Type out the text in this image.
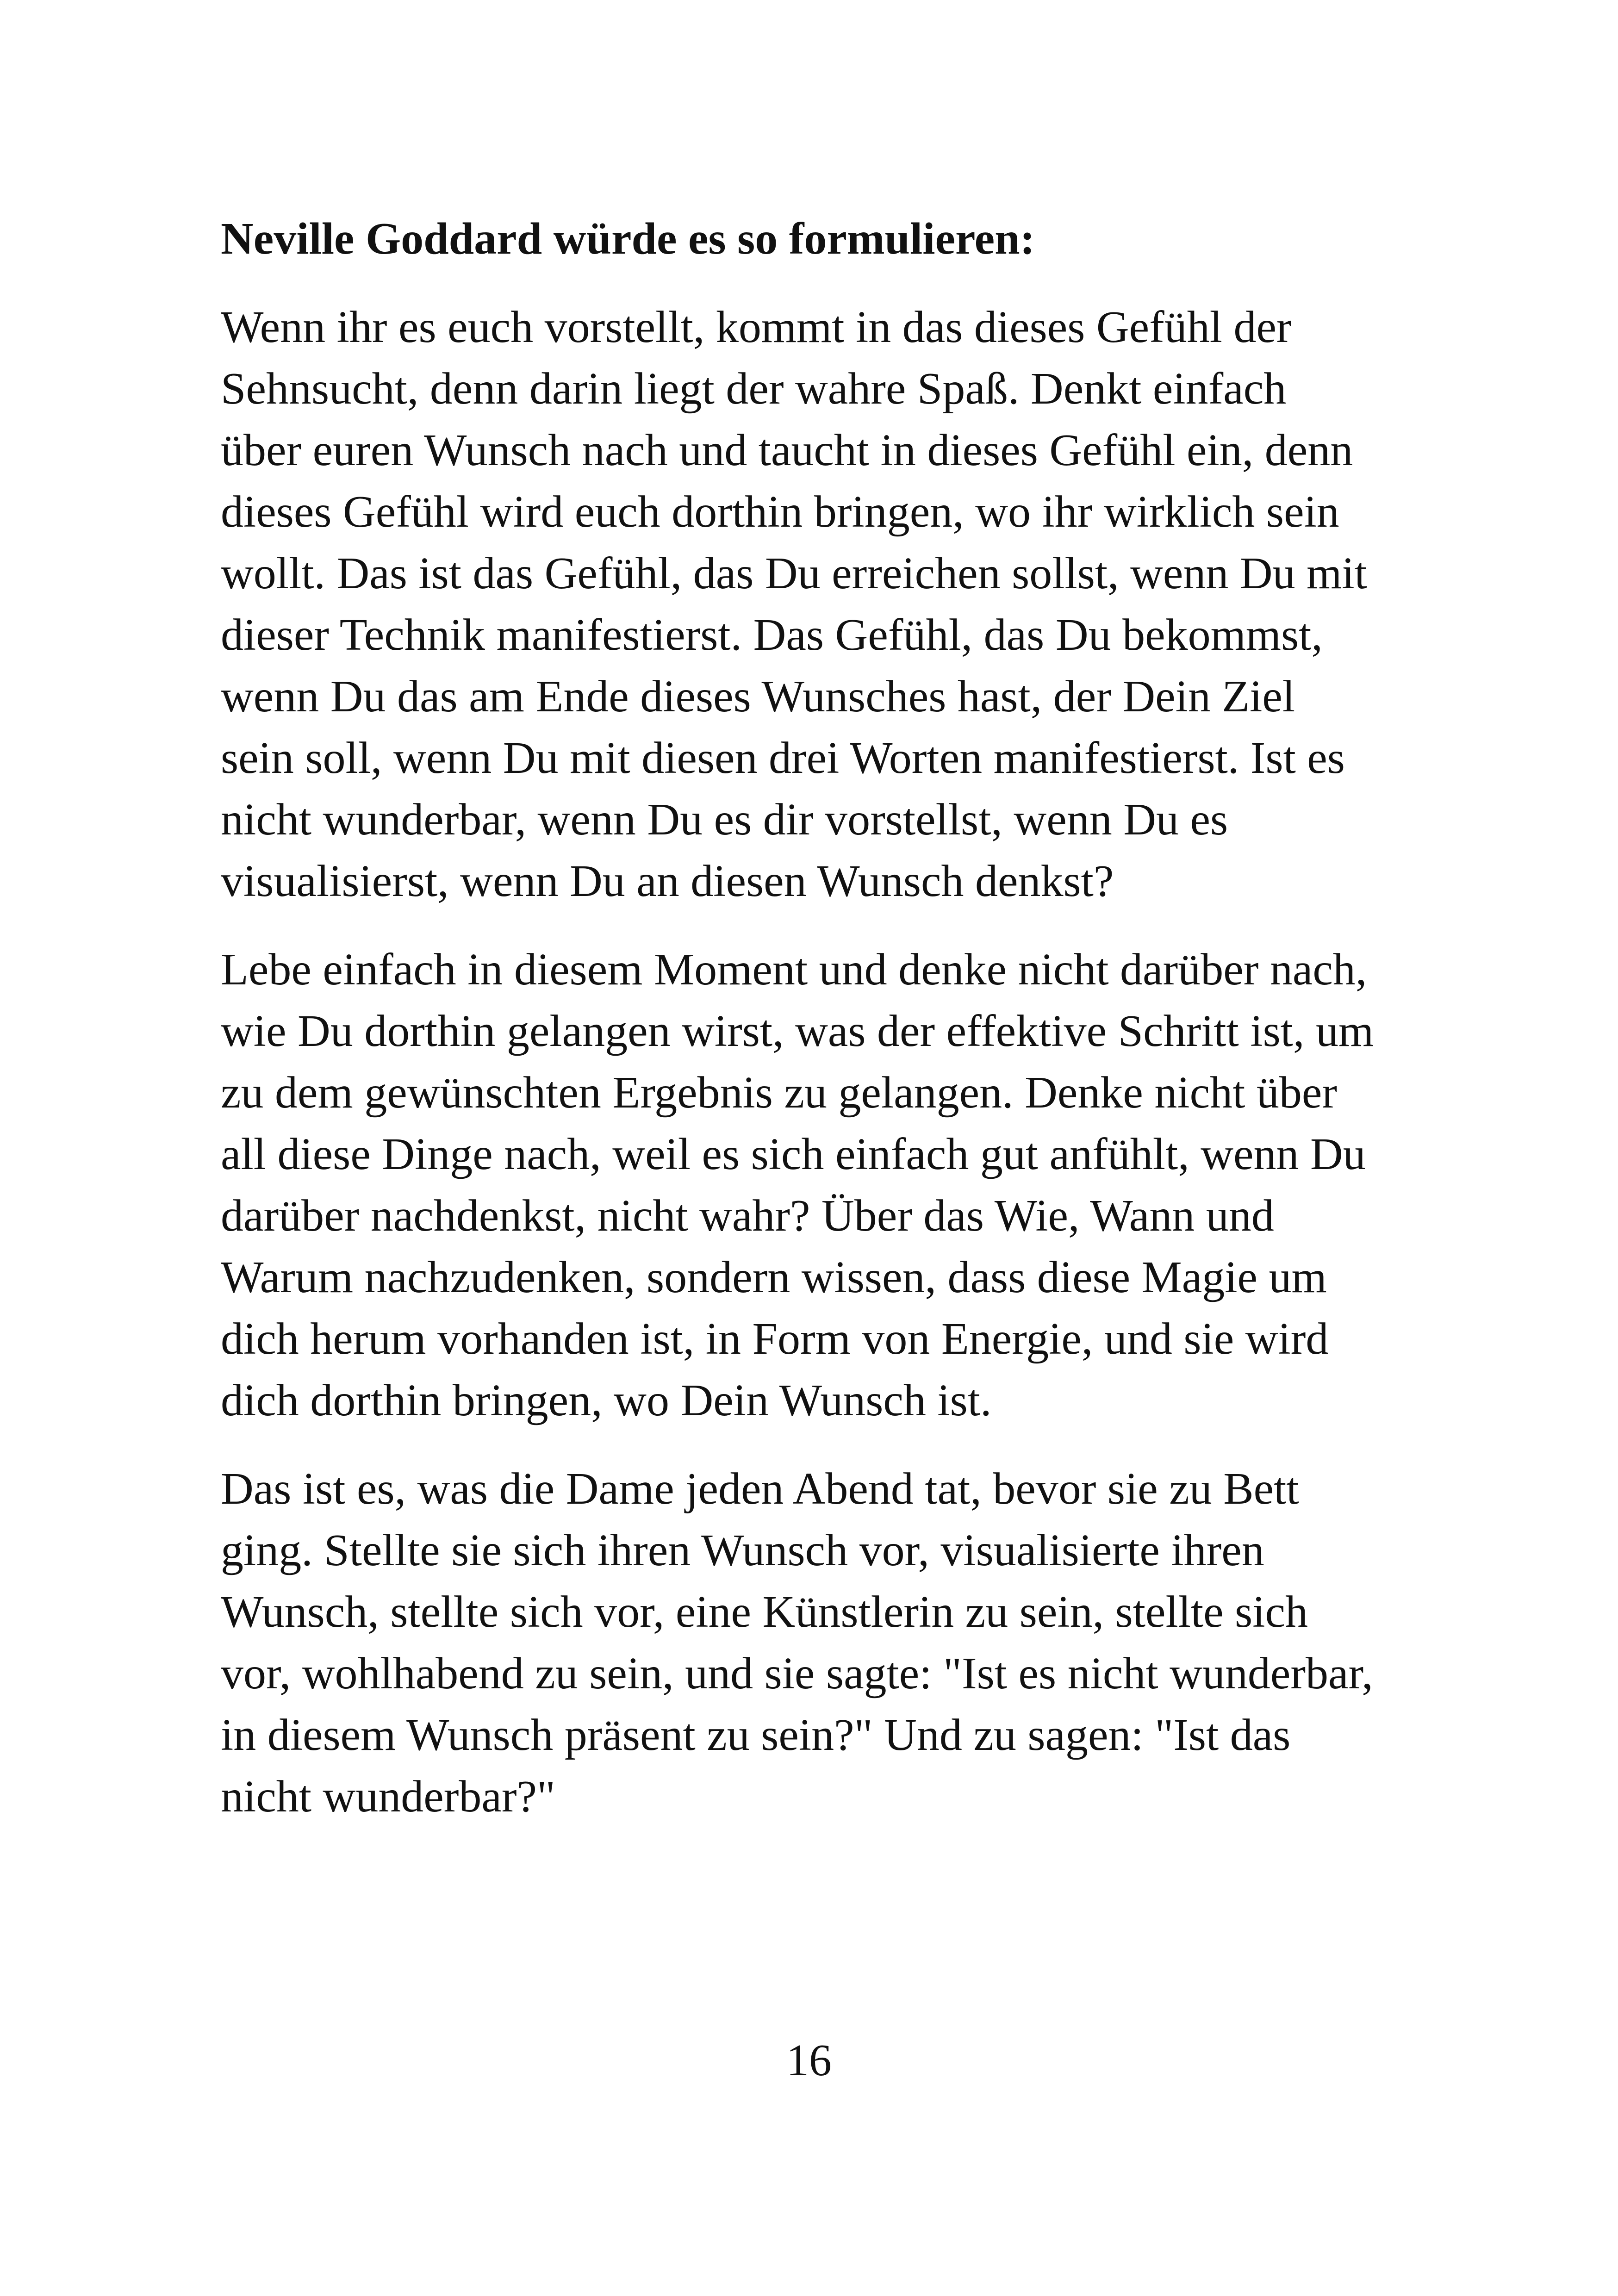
Neville Goddard würde es so formulieren:
Wenn ihr es euch vorstellt, kommt in das dieses Gefühl der
Sehnsucht, denn darin liegt der wahre Spaß. Denkt einfach
über euren Wunsch nach und taucht in dieses Gefühl ein, denn
dieses Gefühl wird euch dorthin bringen, wo ihr wirklich sein
wollt. Das ist das Gefühl, das Du erreichen sollst, wenn Du mit
dieser Technik manifestierst. Das Gefühl, das Du bekommst,
wenn Du das am Ende dieses Wunsches hast, der Dein Ziel
sein soll, wenn Du mit diesen drei Worten manifestierst. Ist es
nicht wunderbar, wenn Du es dir vorstellst, wenn Du es
visualisierst, wenn Du an diesen Wunsch denkst?
Lebe einfach in diesem Moment und denke nicht darüber nach,
wie Du dorthin gelangen wirst, was der effektive Schritt ist, um
zu dem gewünschten Ergebnis zu gelangen. Denke nicht über
all diese Dinge nach, weil es sich einfach gut anfühlt, wenn Du
darüber nachdenkst, nicht wahr? Über das Wie, Wann und
Warum nachzudenken, sondern wissen, dass diese Magie um
dich herum vorhanden ist, in Form von Energie, und sie wird
dich dorthin bringen, wo Dein Wunsch ist.
Das ist es, was die Dame jeden Abend tat, bevor sie zu Bett
ging. Stellte sie sich ihren Wunsch vor, visualisierte ihren
Wunsch, stellte sich vor, eine Künstlerin zu sein, stellte sich
vor, wohlhabend zu sein, und sie sagte: "Ist es nicht wunderbar,
in diesem Wunsch präsent zu sein?" Und zu sagen: "Ist das
nicht wunderbar?"
16
